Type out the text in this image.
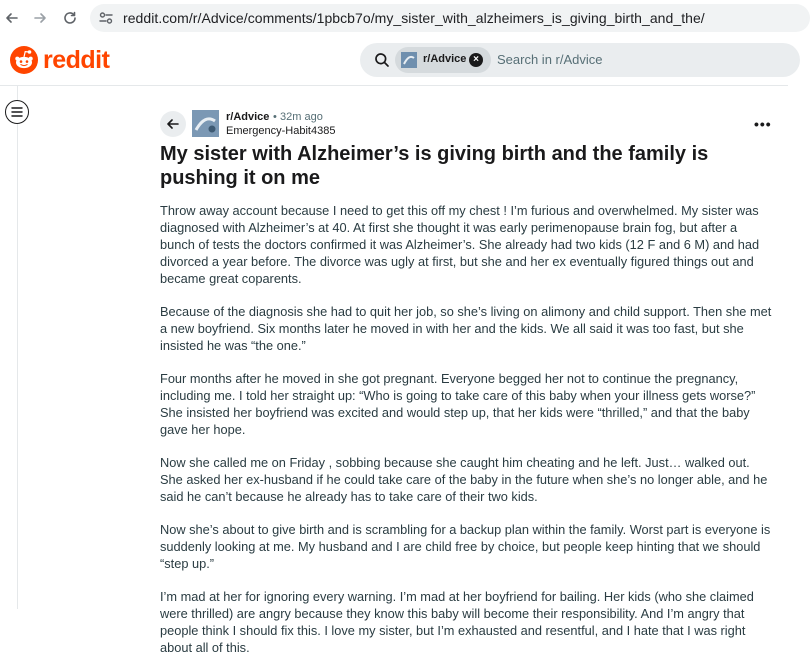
reddit.com/r/Advice/comments/1pbcb7o/my_sister_with_alzheimers_is_giving_birth_and_the/
reddit	r/Advice ×	Search in r/Advice
r/Advice • 32m ago
Emergency-Habit4385	•••
My sister with Alzheimer’s is giving birth and the family is pushing it on me

Throw away account because I need to get this off my chest ! I’m furious and overwhelmed. My sister was diagnosed with Alzheimer’s at 40. At first she thought it was early perimenopause brain fog, but after a bunch of tests the doctors confirmed it was Alzheimer’s. She already had two kids (12 F and 6 M) and had divorced a year before. The divorce was ugly at first, but she and her ex eventually figured things out and became great coparents.

Because of the diagnosis she had to quit her job, so she’s living on alimony and child support. Then she met a new boyfriend. Six months later he moved in with her and the kids. We all said it was too fast, but she insisted he was “the one.”

Four months after he moved in she got pregnant. Everyone begged her not to continue the pregnancy, including me. I told her straight up: “Who is going to take care of this baby when your illness gets worse?” She insisted her boyfriend was excited and would step up, that her kids were “thrilled,” and that the baby gave her hope.

Now she called me on Friday , sobbing because she caught him cheating and he left. Just… walked out. She asked her ex-husband if he could take care of the baby in the future when she’s no longer able, and he said he can’t because he already has to take care of their two kids.

Now she’s about to give birth and is scrambling for a backup plan within the family. Worst part is everyone is suddenly looking at me. My husband and I are child free by choice, but people keep hinting that we should “step up.”

I’m mad at her for ignoring every warning. I’m mad at her boyfriend for bailing. Her kids (who she claimed were thrilled) are angry because they know this baby will become their responsibility. And I’m angry that people think I should fix this. I love my sister, but I’m exhausted and resentful, and I hate that I was right about all of this.
